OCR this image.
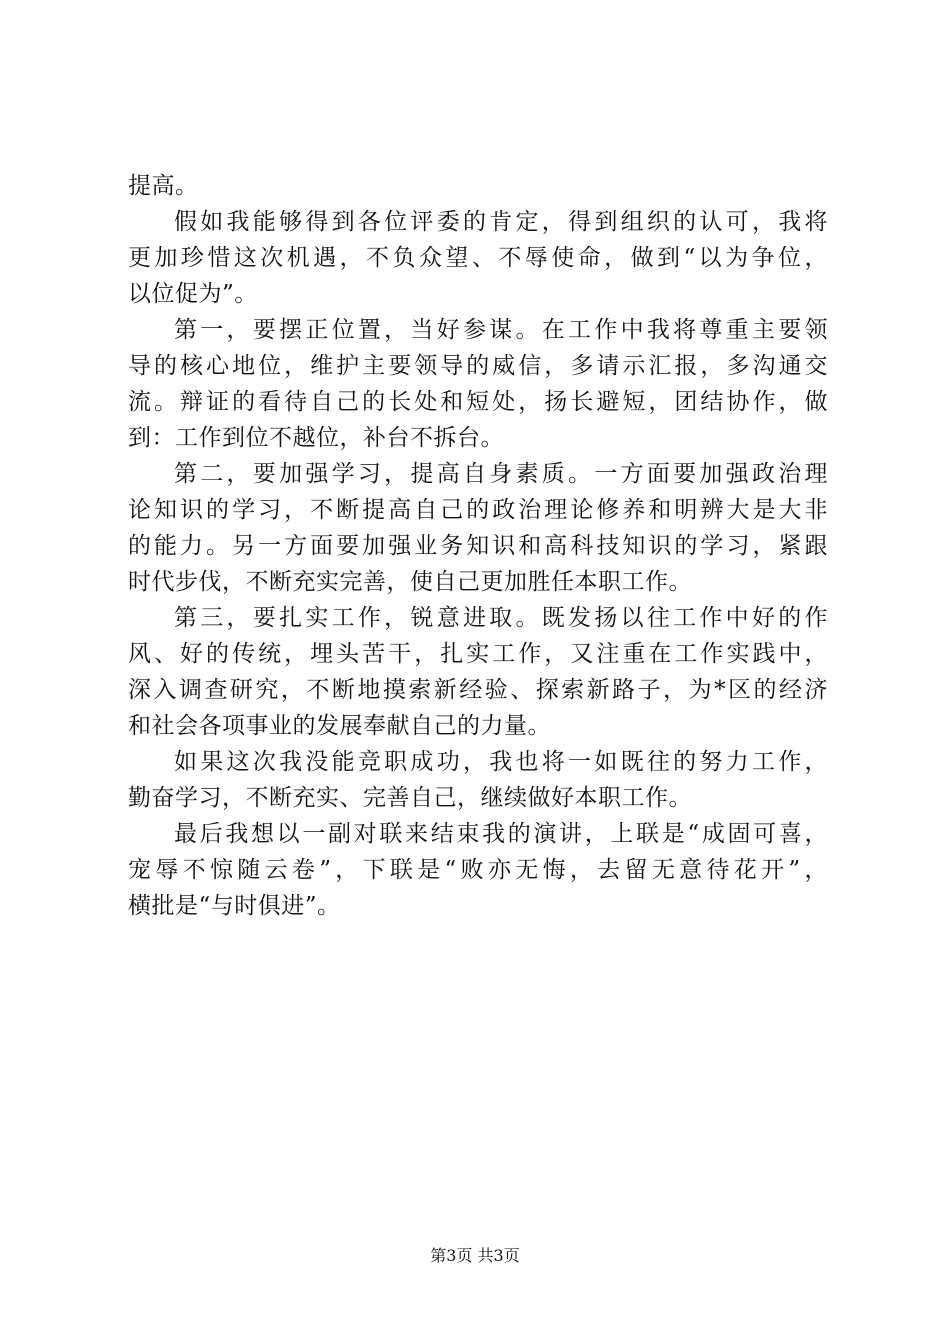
提高。
假如我能够得到各位评委的肯定，得到组织的认可，我将
更加珍惜这次机遇，不负众望、不辱使命，做到“以为争位，
以位促为”。
第一，要摆正位置，当好参谋。在工作中我将尊重主要领
导的核心地位，维护主要领导的威信，多请示汇报，多沟通交
流。辩证的看待自己的长处和短处，扬长避短，团结协作，做
到：工作到位不越位，补台不拆台。
第二，要加强学习，提高自身素质。一方面要加强政治理
论知识的学习，不断提高自己的政治理论修养和明辨大是大非
的能力。另一方面要加强业务知识和高科技知识的学习，紧跟
时代步伐，不断充实完善，使自己更加胜任本职工作。
第三，要扎实工作，锐意进取。既发扬以往工作中好的作
风、好的传统，埋头苦干，扎实工作，又注重在工作实践中，
深入调查研究，不断地摸索新经验、探索新路子，为*区的经济
和社会各项事业的发展奉献自己的力量。
如果这次我没能竞职成功，我也将一如既往的努力工作，
勤奋学习，不断充实、完善自己，继续做好本职工作。
最后我想以一副对联来结束我的演讲，上联是“成固可喜，
宠辱不惊随云卷”，下联是“败亦无悔，去留无意待花开”，
横批是“与时俱进”。
第3页 共3页
